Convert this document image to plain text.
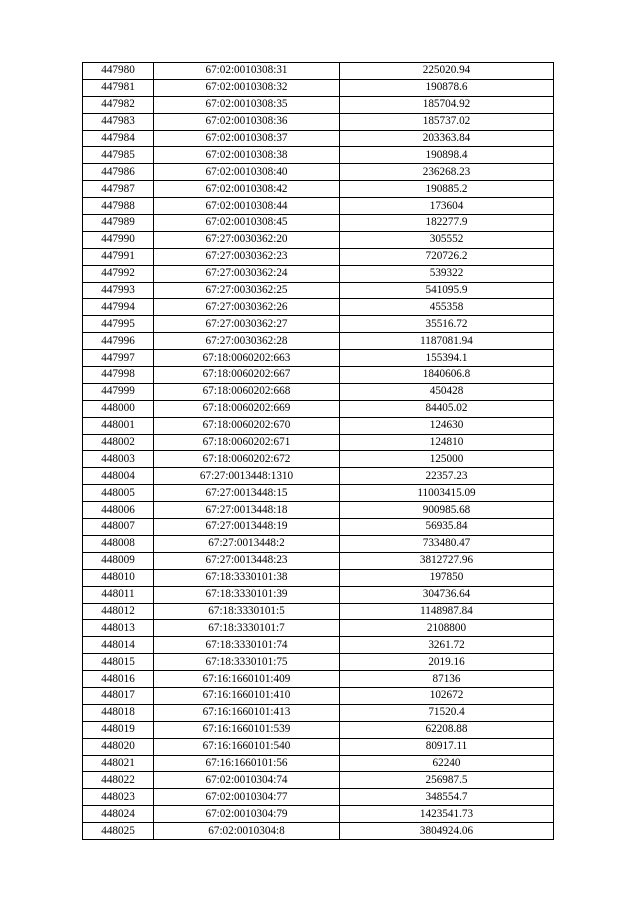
447980	67:02:0010308:31	225020.94
447981	67:02:0010308:32	190878.6
447982	67:02:0010308:35	185704.92
447983	67:02:0010308:36	185737.02
447984	67:02:0010308:37	203363.84
447985	67:02:0010308:38	190898.4
447986	67:02:0010308:40	236268.23
447987	67:02:0010308:42	190885.2
447988	67:02:0010308:44	173604
447989	67:02:0010308:45	182277.9
447990	67:27:0030362:20	305552
447991	67:27:0030362:23	720726.2
447992	67:27:0030362:24	539322
447993	67:27:0030362:25	541095.9
447994	67:27:0030362:26	455358
447995	67:27:0030362:27	35516.72
447996	67:27:0030362:28	1187081.94
447997	67:18:0060202:663	155394.1
447998	67:18:0060202:667	1840606.8
447999	67:18:0060202:668	450428
448000	67:18:0060202:669	84405.02
448001	67:18:0060202:670	124630
448002	67:18:0060202:671	124810
448003	67:18:0060202:672	125000
448004	67:27:0013448:1310	22357.23
448005	67:27:0013448:15	11003415.09
448006	67:27:0013448:18	900985.68
448007	67:27:0013448:19	56935.84
448008	67:27:0013448:2	733480.47
448009	67:27:0013448:23	3812727.96
448010	67:18:3330101:38	197850
448011	67:18:3330101:39	304736.64
448012	67:18:3330101:5	1148987.84
448013	67:18:3330101:7	2108800
448014	67:18:3330101:74	3261.72
448015	67:18:3330101:75	2019.16
448016	67:16:1660101:409	87136
448017	67:16:1660101:410	102672
448018	67:16:1660101:413	71520.4
448019	67:16:1660101:539	62208.88
448020	67:16:1660101:540	80917.11
448021	67:16:1660101:56	62240
448022	67:02:0010304:74	256987.5
448023	67:02:0010304:77	348554.7
448024	67:02:0010304:79	1423541.73
448025	67:02:0010304:8	3804924.06
